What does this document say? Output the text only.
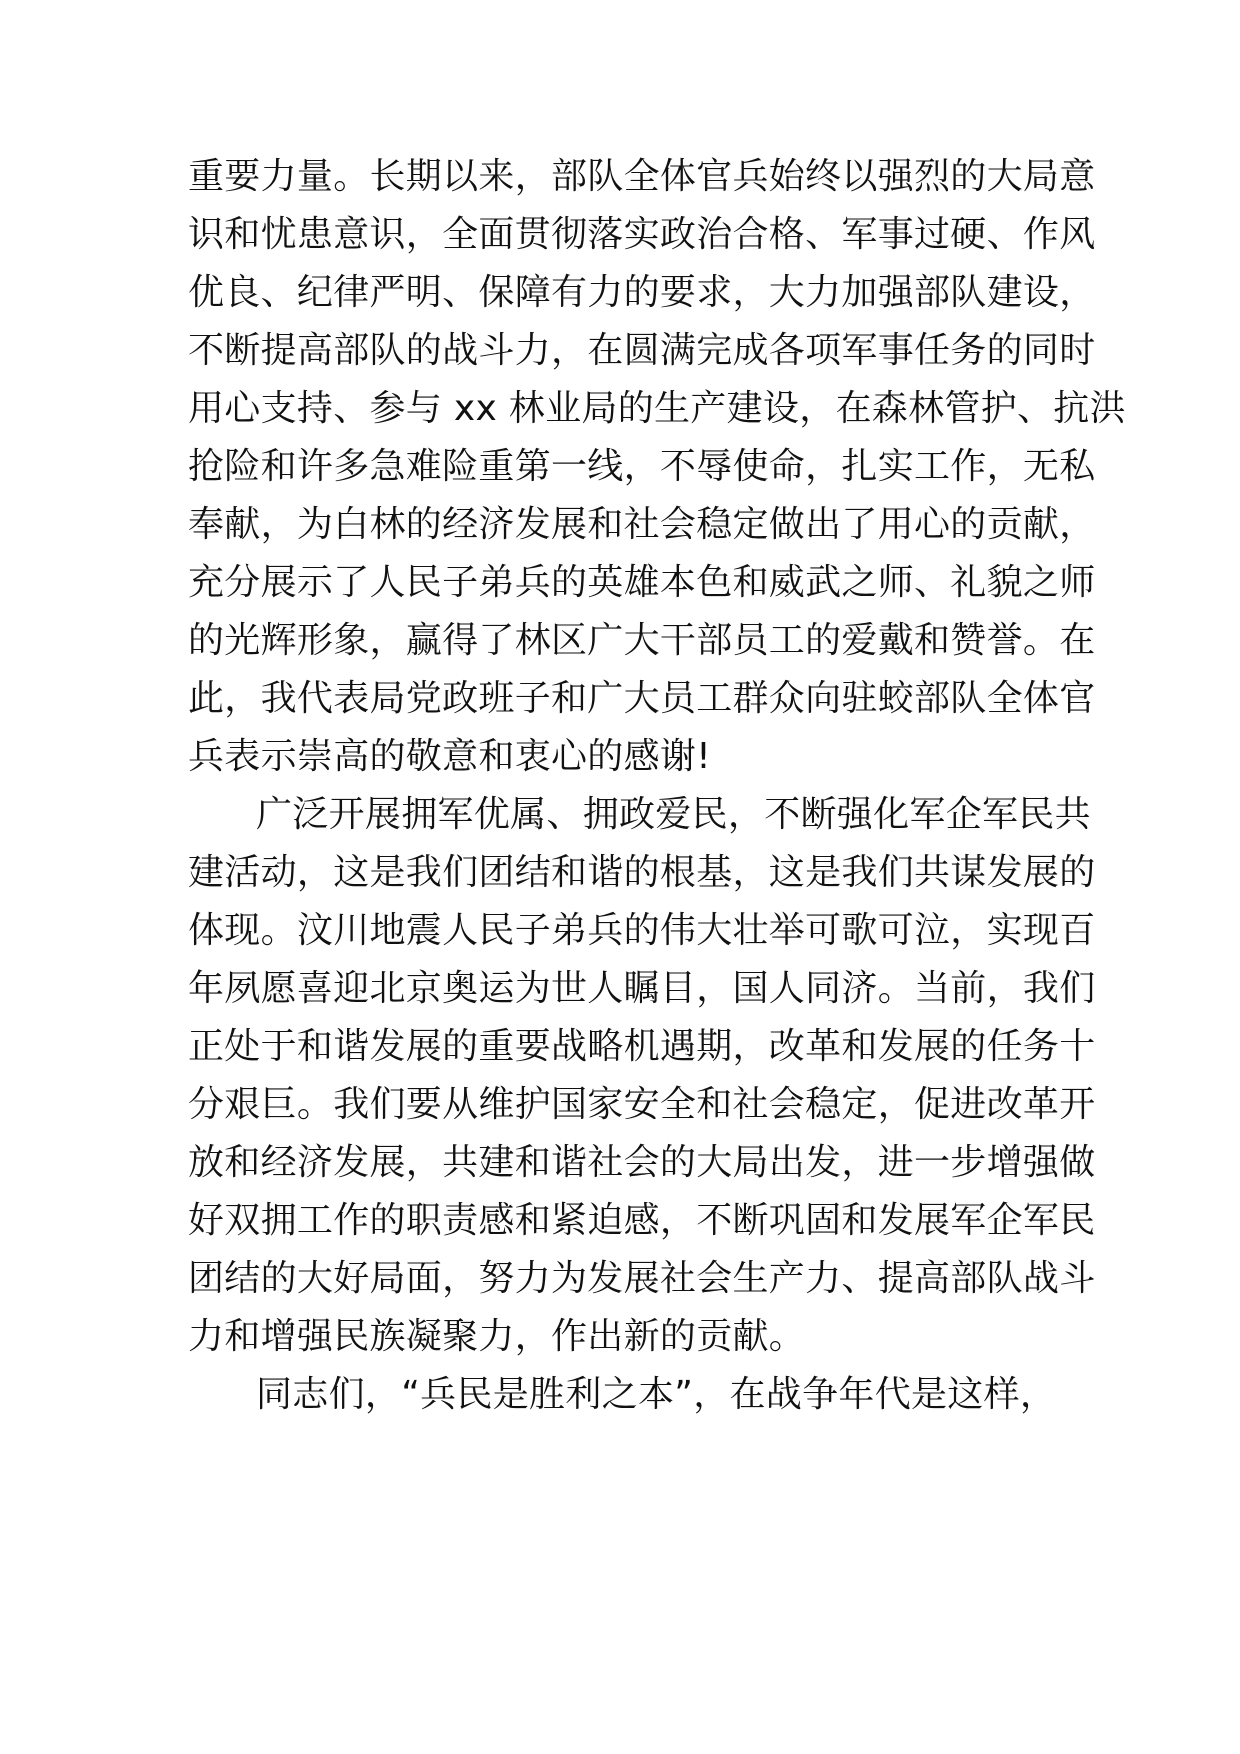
重要力量。长期以来，部队全体官兵始终以强烈的大局意
识和忧患意识，全面贯彻落实政治合格、军事过硬、作风
优良、纪律严明、保障有力的要求，大力加强部队建设，
不断提高部队的战斗力，在圆满完成各项军事任务的同时
用心支持、参与 xx 林业局的生产建设，在森林管护、抗洪
抢险和许多急难险重第一线，不辱使命，扎实工作，无私
奉献，为白林的经济发展和社会稳定做出了用心的贡献，
充分展示了人民子弟兵的英雄本色和威武之师、礼貌之师
的光辉形象，赢得了林区广大干部员工的爱戴和赞誉。在
此，我代表局党政班子和广大员工群众向驻蛟部队全体官
兵表示崇高的敬意和衷心的感谢!
广泛开展拥军优属、拥政爱民，不断强化军企军民共
建活动，这是我们团结和谐的根基，这是我们共谋发展的
体现。汶川地震人民子弟兵的伟大壮举可歌可泣，实现百
年夙愿喜迎北京奥运为世人瞩目，国人同济。当前，我们
正处于和谐发展的重要战略机遇期，改革和发展的任务十
分艰巨。我们要从维护国家安全和社会稳定，促进改革开
放和经济发展，共建和谐社会的大局出发，进一步增强做
好双拥工作的职责感和紧迫感，不断巩固和发展军企军民
团结的大好局面，努力为发展社会生产力、提高部队战斗
力和增强民族凝聚力，作出新的贡献。
同志们，“兵民是胜利之本”，在战争年代是这样，
